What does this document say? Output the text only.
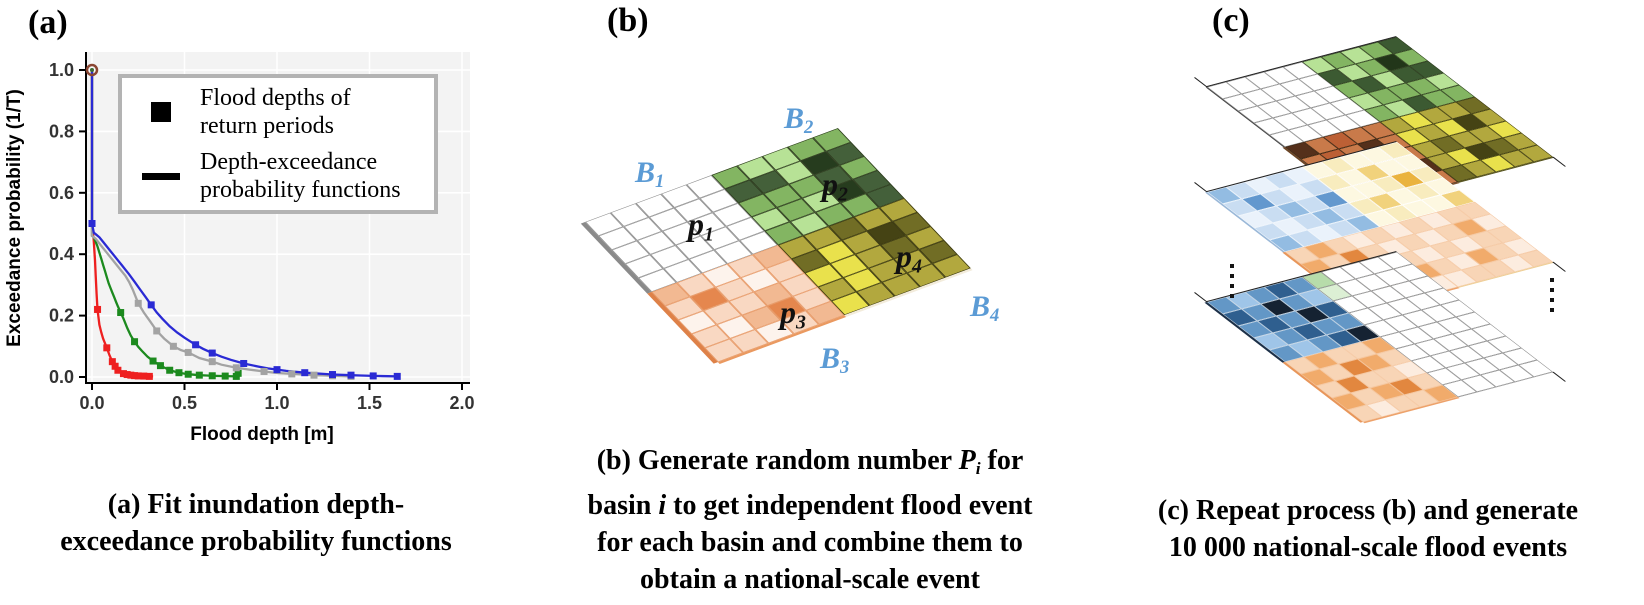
(a)	(b)	(c)
0.0	0.5	1.0	1.5	2.0
0.0
0.2
0.4
0.6
0.8
1.0
Flood depth [m]
Exceedance probability (1/T)	Flood depths of
return periods
Depth-exceedance
probability functions
$B_1$
$B_2$
$B_3$
$B_4$
$p_1$
$p_2$
$p_3$
$p_4$
(a) Fit inundation depth-
exceedance probability functions
(b) Generate random number Pi for
basin i to get independent flood event
for each basin and combine them to
obtain a national-scale event
(c) Repeat process (b) and generate
10 000 national-scale flood events
